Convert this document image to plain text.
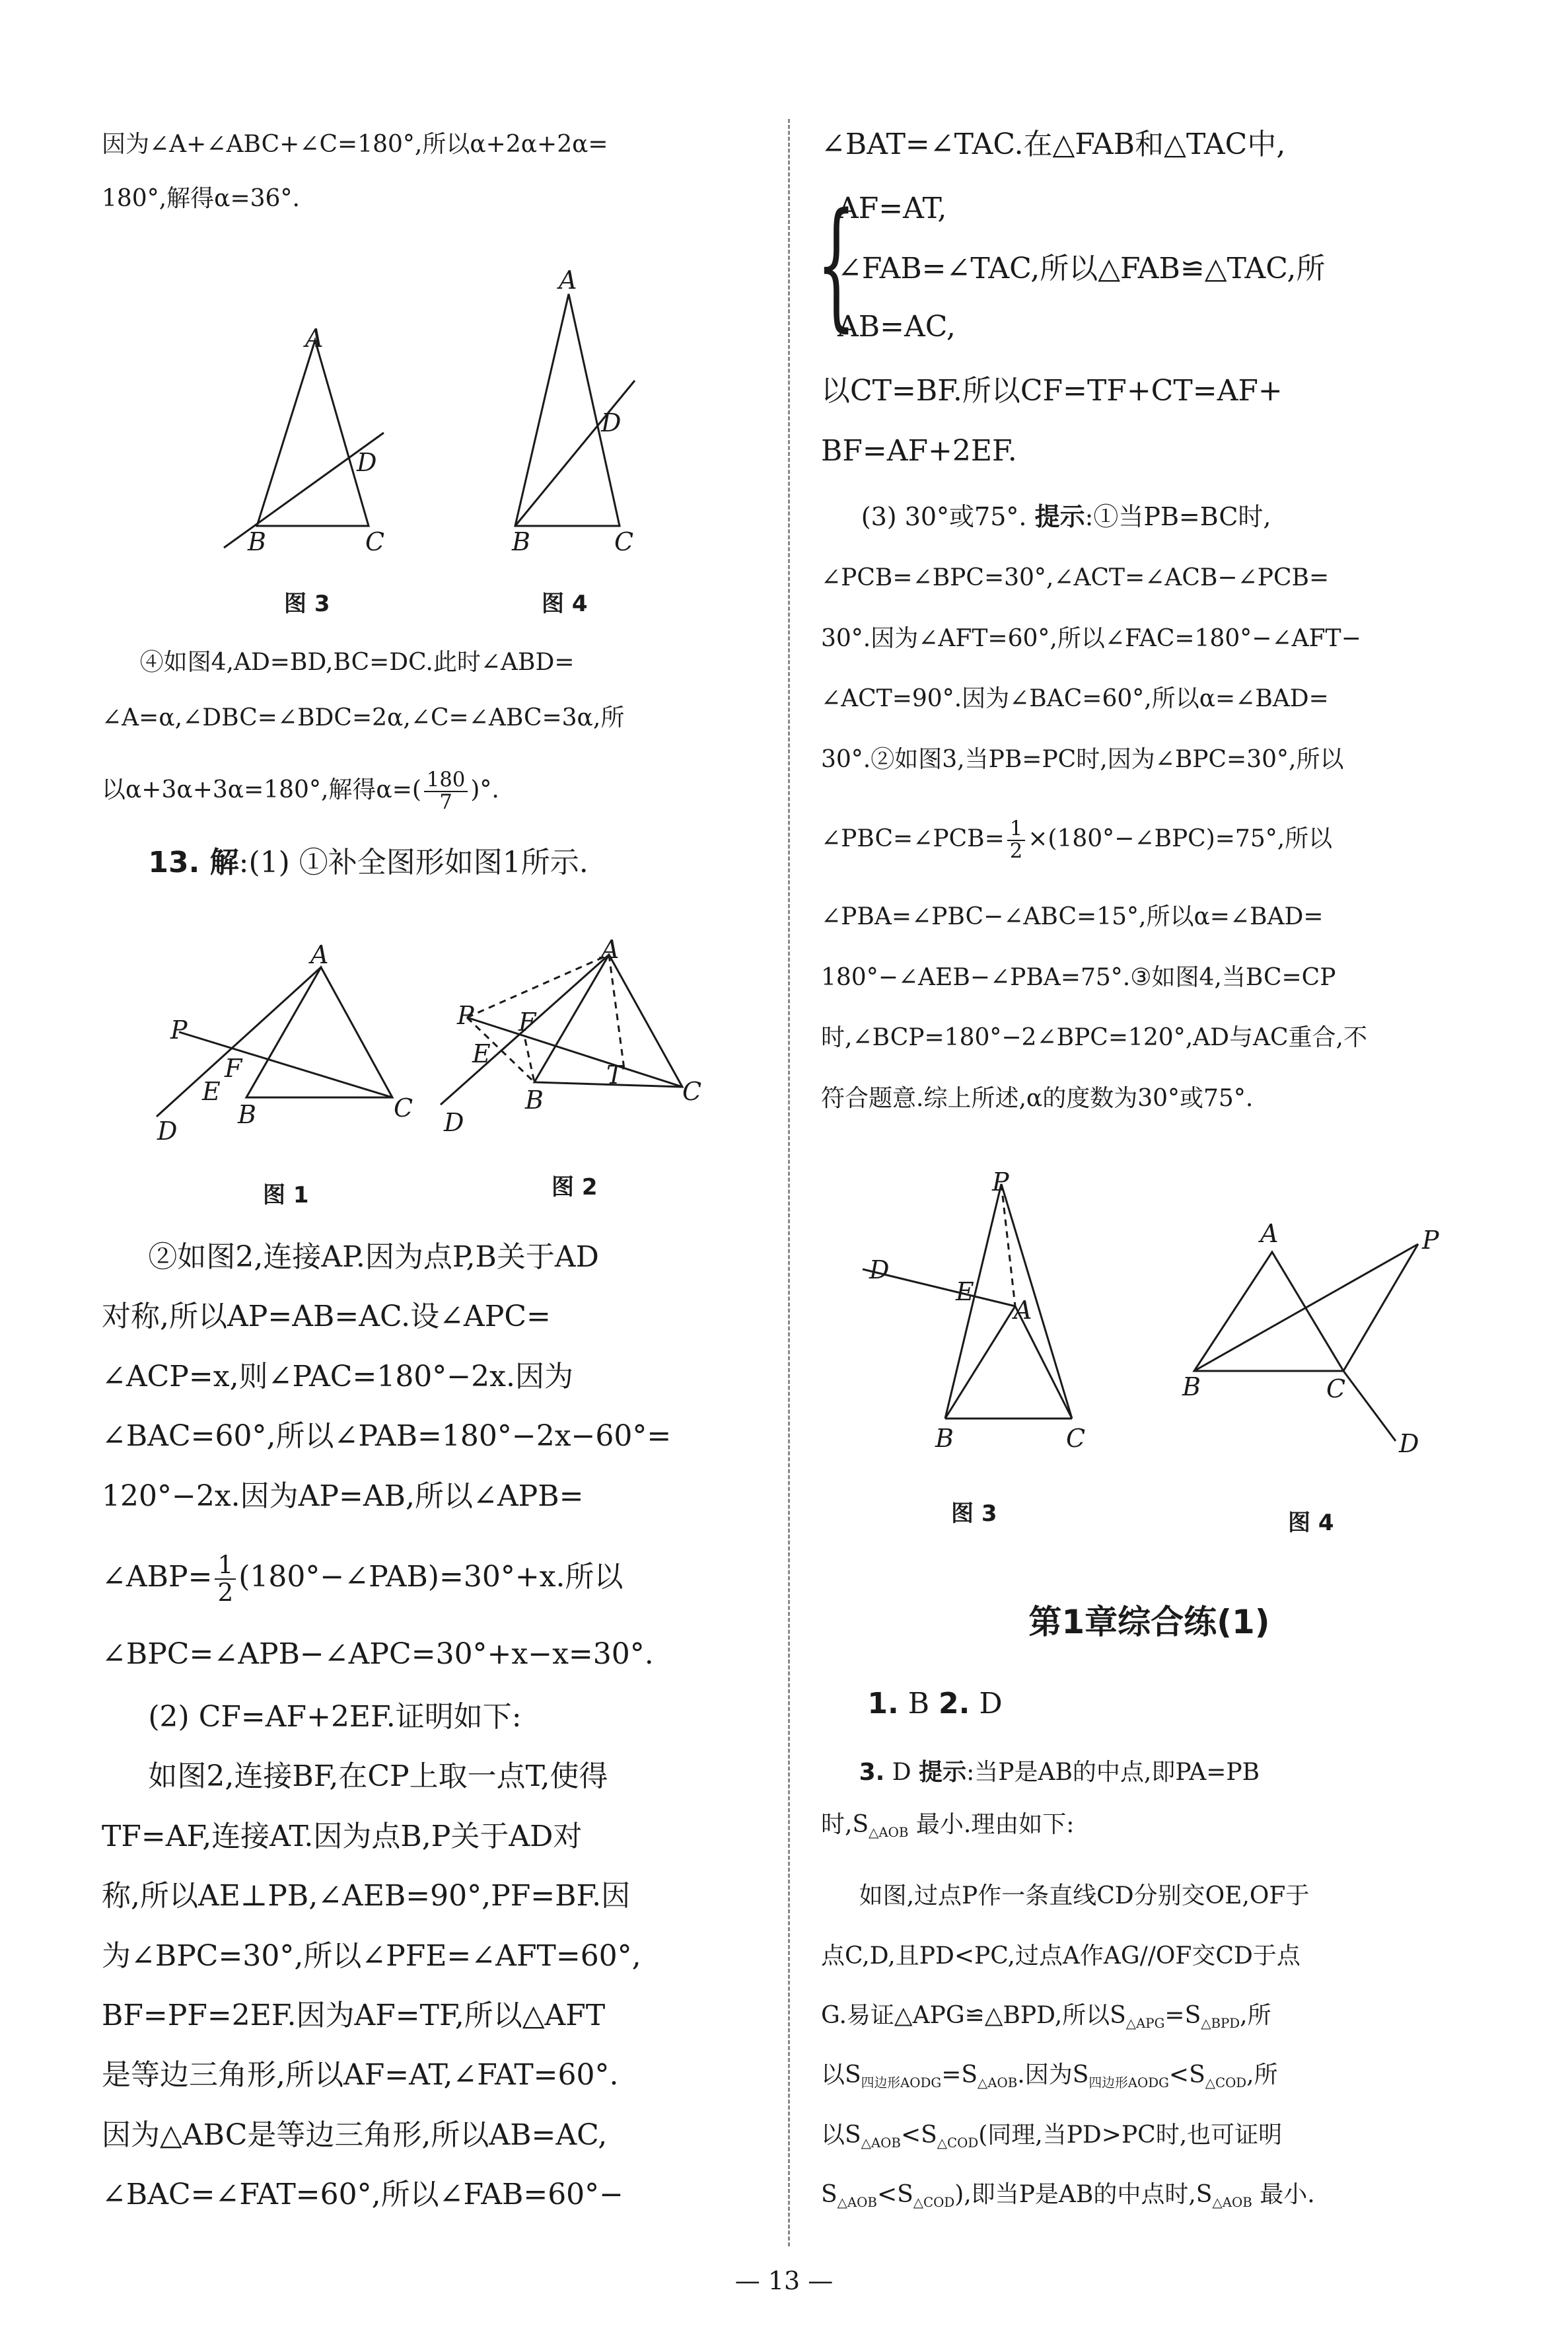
因为∠A+∠ABC+∠C=180°,所以α+2α+2α=
180°,解得α=36°.
④如图4,AD=BD,BC=DC.此时∠ABD=
∠A=α,∠DBC=∠BDC=2α,∠C=∠ABC=3α,所
以α+3α+3α=180°,解得$\alpha=( \frac{180}{7}$ )°.
13. 解:(1) ①补全图形如图1所示.
②如图2,连接AP.因为点P,B关于AD
对称,所以AP=AB=AC.设∠APC=
∠ACP=x,则∠PAC=180°−2x.因为
∠BAC=60°,所以∠PAB=180°−2x−60°=
120°−2x.因为AP=AB,所以∠APB=
∠ABP= $\frac{1}{2}$ (180°−∠PAB)=30°+x.所以
∠BPC=∠APB−∠APC=30°+x−x=30°.
(2) CF=AF+2EF.证明如下:
如图2,连接BF,在CP上取一点T,使得
TF=AF,连接AT.因为点B,P关于AD对
称,所以AE⊥PB,∠AEB=90°,PF=BF.因
为∠BPC=30°,所以∠PFE=∠AFT=60°,
BF=PF=2EF.因为AF=TF,所以△AFT
是等边三角形,所以AF=AT,∠FAT=60°.
因为△ABC是等边三角形,所以AB=AC,
∠BAC=∠FAT=60°,所以∠FAB=60°−
∠BAT=∠TAC.在△FAB和△TAC中,
{
AF=AT,
∠FAB=∠TAC,所以△FAB≌△TAC,所
AB=AC,
以CT=BF.所以CF=TF+CT=AF+
BF=AF+2EF.
(3) 30°或75°. 提示:①当PB=BC时,
∠PCB=∠BPC=30°,∠ACT=∠ACB−∠PCB=
30°.因为∠AFT=60°,所以∠FAC=180°−∠AFT−
∠ACT=90°.因为∠BAC=60°,所以α=∠BAD=
30°.②如图3,当PB=PC时,因为∠BPC=30°,所以
∠PBC=∠PCB= $\frac{1}{2}$ ×(180°−∠BPC)=75°,所以
∠PBA=∠PBC−∠ABC=15°,所以α=∠BAD=
180°−∠AEB−∠PBA=75°.③如图4,当BC=CP
时,∠BCP=180°−2∠BPC=120°,AD与AC重合,不
符合题意.综上所述,α的度数为30°或75°.
第1章综合练(1)
1. B 2. D
3. D 提示:当P是AB的中点,即PA=PB
时$,S_{\triangle AOB}$ 最小.理由如下:
如图,过点P作一条直线CD分别交OE,OF于
点C,D,且PD<PC,过点A作AG//OF交CD于点
G.易证△APG≌△BPD,所以$S_{\triangle APG}=S_{\triangle BPD}$,所
以$S_{四边形AODG}=S_{\triangle AOB}$.因为$S_{四边形AODG}<S_{\triangle COD}$,所
以$S_{\triangle AOB}<S_{\triangle COD}$(同理,当PD>PC时,也可证明
$S_{\triangle AOB}<S_{\triangle COD}$),即当P是AB的中点时$,S_{\triangle AOB}$ 最小.
— 13 —
A
B	C
D
图 3
A
B	C
D
图 4
A
P
F
E
B	C
D
图 1
A
P F
E
B
T
C
D
图 2	P
D
E
A
B	C
图 3
A	P
B	C
D
图 4
